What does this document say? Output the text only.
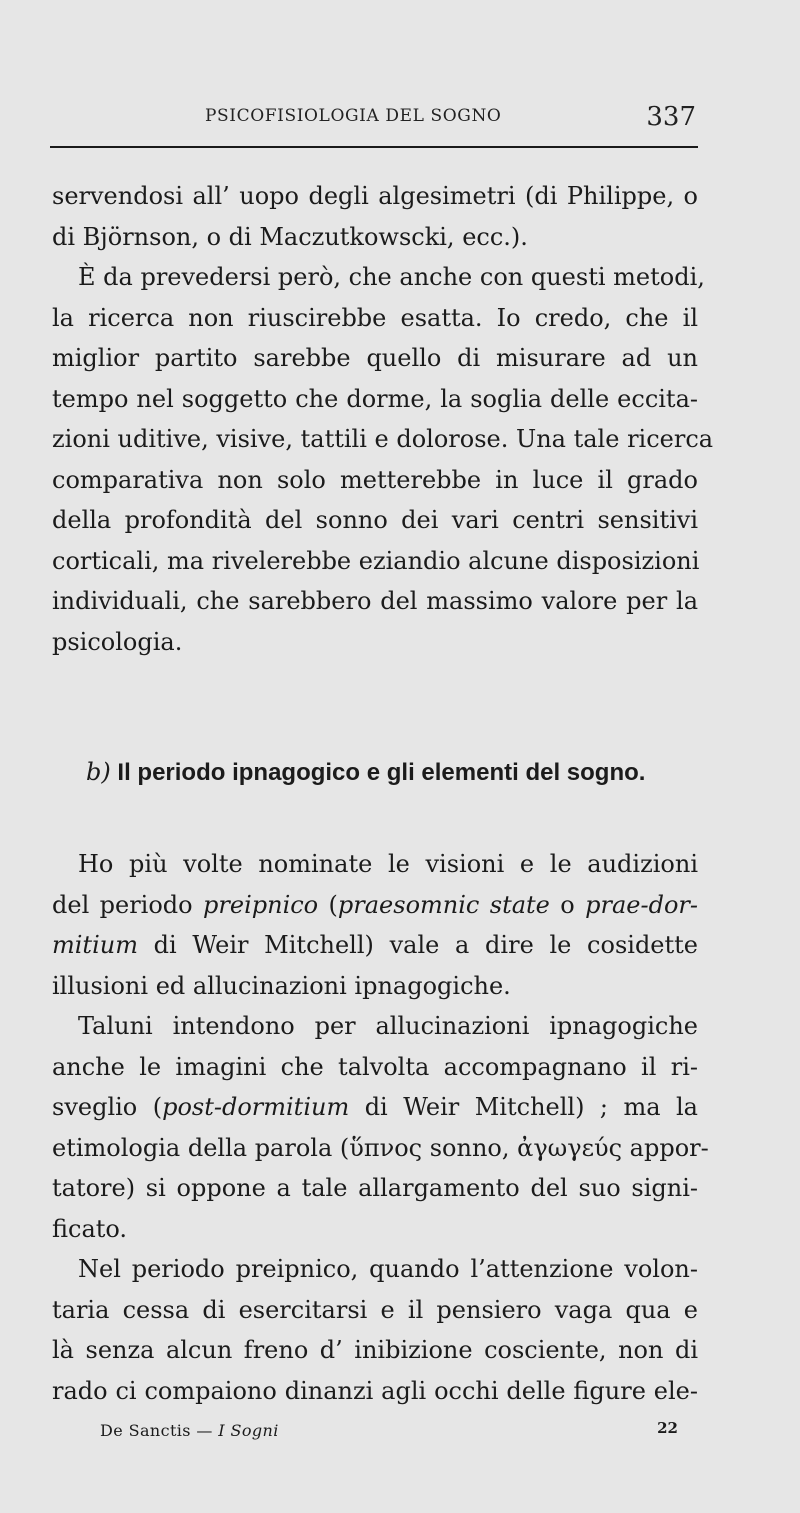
PSICOFISIOLOGIA DEL SOGNO	337
servendosi all’ uopo degli algesimetri (di Philippe, o
di Björnson, o di Maczutkowscki, ecc.).
È da prevedersi però, che anche con questi metodi,
la ricerca non riuscirebbe esatta. Io credo, che il
miglior partito sarebbe quello di misurare ad un
tempo nel soggetto che dorme, la soglia delle eccita-
zioni uditive, visive, tattili e dolorose. Una tale ricerca
comparativa non solo metterebbe in luce il grado
della profondità del sonno dei vari centri sensitivi
corticali, ma rivelerebbe eziandio alcune disposizioni
individuali, che sarebbero del massimo valore per la
psicologia.
b) Il periodo ipnagogico e gli elementi del sogno.
Ho più volte nominate le visioni e le audizioni
del periodo preipnico (praesomnic state o prae-dor-
mitium di Weir Mitchell) vale a dire le cosidette
illusioni ed allucinazioni ipnagogiche.
Taluni intendono per allucinazioni ipnagogiche
anche le imagini che talvolta accompagnano il ri-
sveglio (post-dormitium di Weir Mitchell) ; ma la
etimologia della parola (ὕπνος sonno, ἀγωγεύς appor-
tatore) si oppone a tale allargamento del suo signi-
ficato.
Nel periodo preipnico, quando l’attenzione volon-
taria cessa di esercitarsi e il pensiero vaga qua e
là senza alcun freno d’ inibizione cosciente, non di
rado ci compaiono dinanzi agli occhi delle figure ele-
De Sanctis — I Sogni	22
